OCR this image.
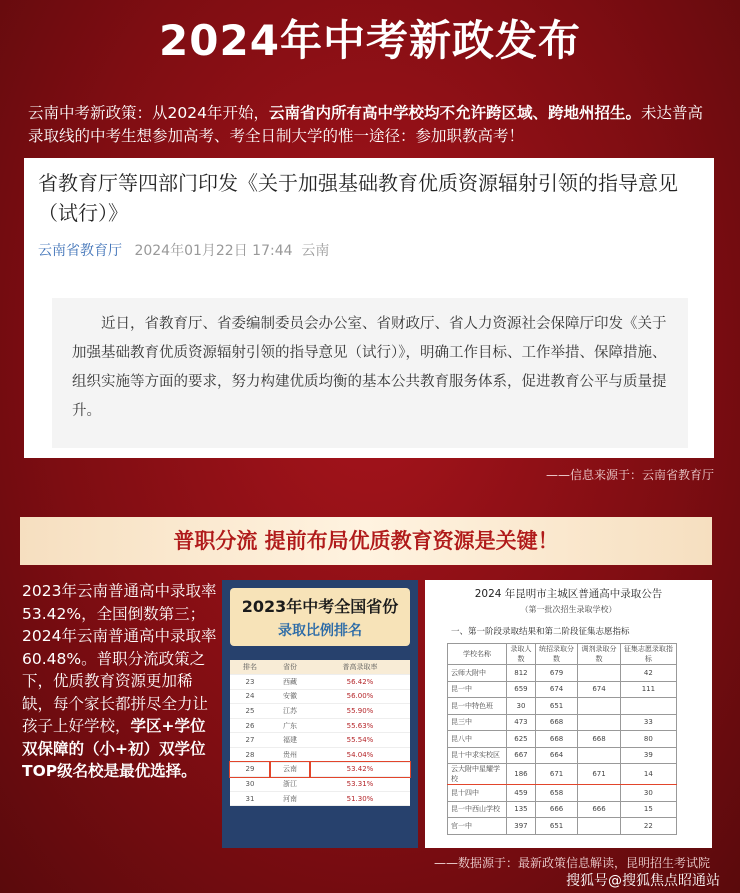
2024年中考新政发布
云南中考新政策：从2024年开始，云南省内所有高中学校均不允许跨区域、跨地州招生。未达普高录取线的中考生想参加高考、考全日制大学的惟一途径：参加职教高考！
省教育厅等四部门印发《关于加强基础教育优质资源辐射引领的指导意见（试行）》
云南省教育厅 2024年01月22日 17:44 云南
近日，省教育厅、省委编制委员会办公室、省财政厅、省人力资源社会保障厅印发《关于加强基础教育优质资源辐射引领的指导意见（试行）》，明确工作目标、工作举措、保障措施、组织实施等方面的要求，努力构建优质均衡的基本公共教育服务体系，促进教育公平与质量提升。
——信息来源于：云南省教育厅
普职分流 提前布局优质教育资源是关键！
2023年云南普通高中录取率53.42%，全国倒数第三；2024年云南普通高中录取率60.48%。普职分流政策之下，优质教育资源更加稀缺，每个家长都拼尽全力让孩子上好学校，学区+学位双保障的（小+初）双学位TOP级名校是最优选择。
2023年中考全国省份
录取比例排名
排名	省份	普高录取率
23	西藏	56.42%
24	安徽	56.00%
25	江苏	55.90%
26	广东	55.63%
27	福建	55.54%
28	贵州	54.04%
29	云南	53.42%
30	浙江	53.31%
31	河南	51.30%
2024 年昆明市主城区普通高中录取公告
（第一批次招生录取学校）
一、第一阶段录取结果和第二阶段征集志愿指标
学校名称	录取人数	统招录取分数	调剂录取分数	征集志愿录取指标
云师大附中	812	679		42
昆一中	659	674	674	111
昆一中特色班	30	651		
昆三中	473	668		33
昆八中	625	668	668	80
昆十中求实校区	667	664		39
云大附中星耀学校	186	671	671	14
昆十四中	459	658		30
昆一中西山学校	135	666	666	15
官一中	397	651		22
——数据源于：最新政策信息解读，昆明招生考试院
搜狐号@搜狐焦点昭通站
